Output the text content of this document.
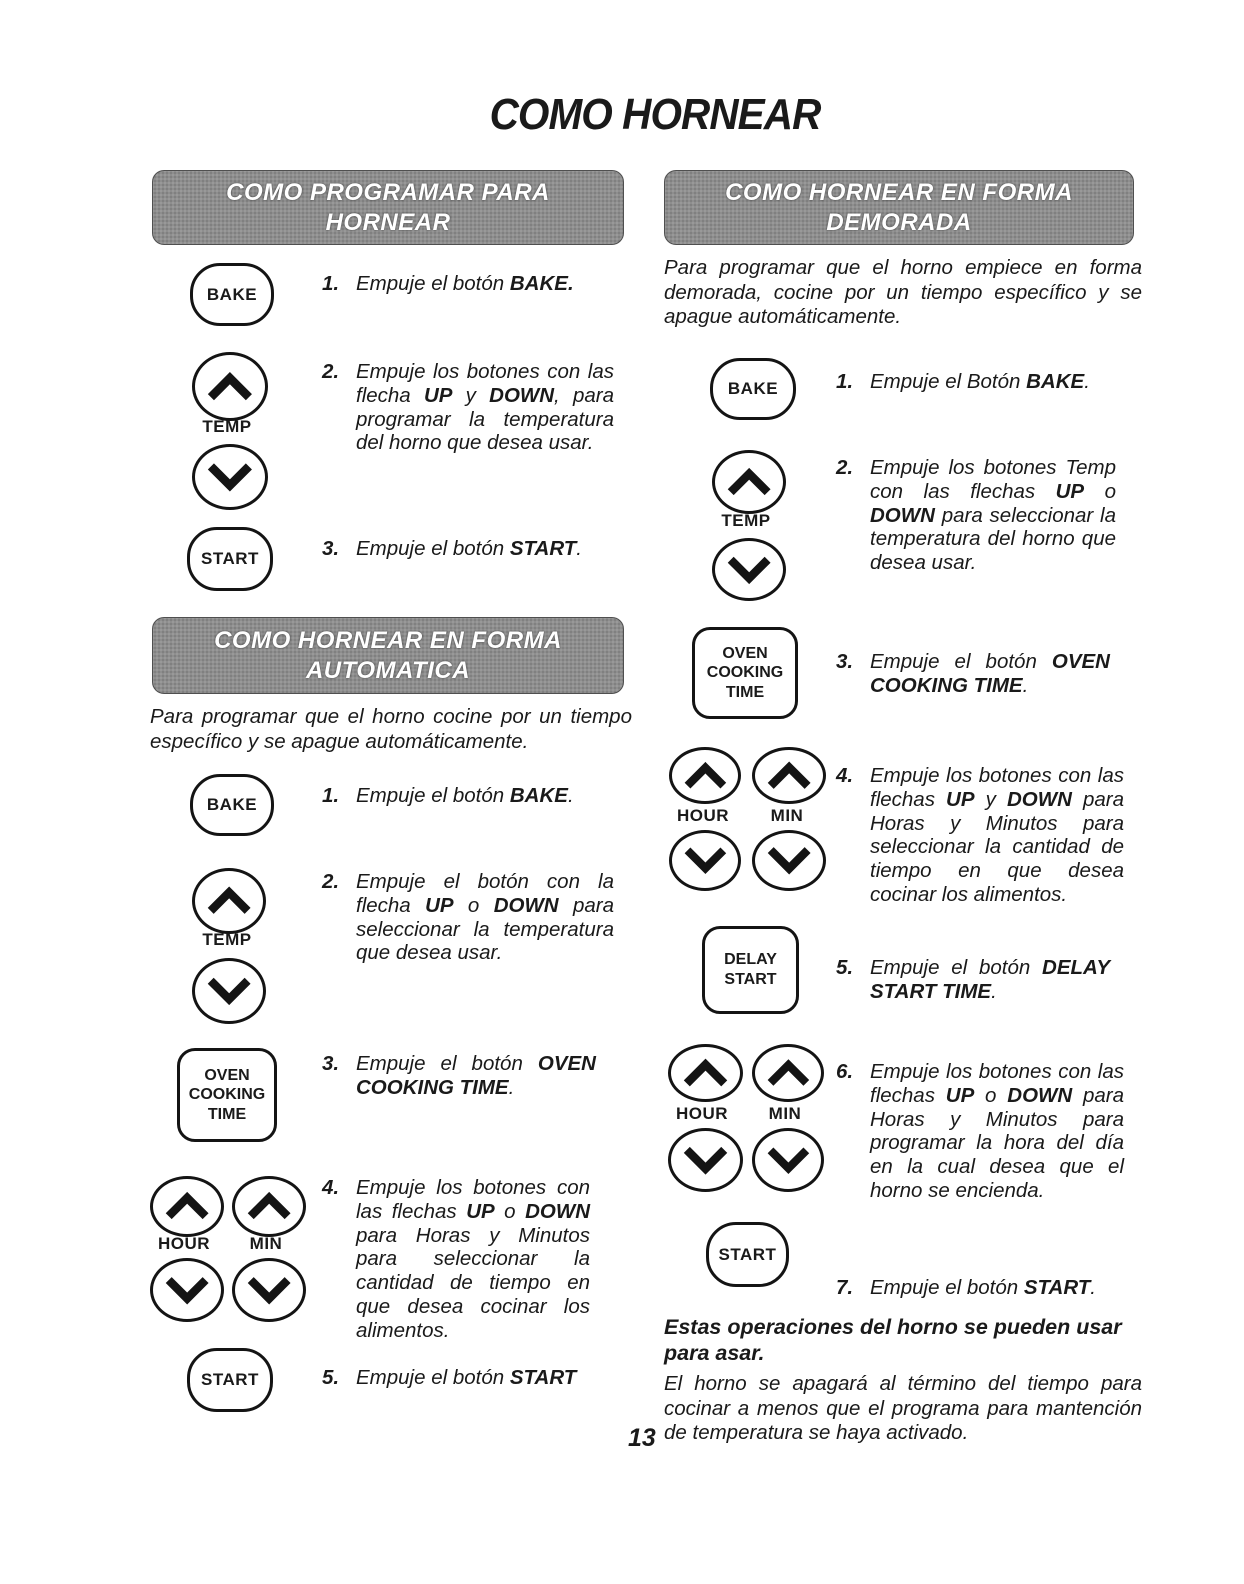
COMO HORNEAR
COMO PROGRAMAR PARA
HORNEAR
BAKE	1. Empuje el botón BAKE.
TEMP
2. Empuje los botones con las flecha UP y DOWN, para programar la temperatura del horno que desea usar.
START	3. Empuje el botón START.
COMO HORNEAR EN FORMA
AUTOMATICA
Para programar que el horno cocine por un tiempo específico y se apague automáticamente.
BAKE	1. Empuje el botón BAKE.
TEMP
2. Empuje el botón con la flecha UP o DOWN para seleccionar la temperatura que desea usar.
OVEN
COOKING
TIME
3. Empuje el botón OVEN COOKING TIME.
HOUR	MIN
4. Empuje los botones con las flechas UP o DOWN para Horas y Minutos para seleccionar la cantidad de tiempo en que desea cocinar los alimentos.
START	5. Empuje el botón START
COMO HORNEAR EN FORMA
DEMORADA
Para programar que el horno empiece en forma demorada, cocine por un tiempo específico y se apague automáticamente.
BAKE	1. Empuje el Botón BAKE.
TEMP
2. Empuje los botones Temp con las flechas UP o DOWN para seleccionar la temperatura del horno que desea usar.
OVEN
COOKING
TIME
3. Empuje el botón OVEN COOKING TIME.
HOUR	MIN
4. Empuje los botones con las flechas UP y DOWN para Horas y Minutos para seleccionar la cantidad de tiempo en que desea cocinar los alimentos.
DELAY
START
5. Empuje el botón DELAY START TIME.
HOUR	MIN
6. Empuje los botones con las flechas UP o DOWN para Horas y Minutos para programar la hora del día en la cual desea que el horno se encienda.
START
7. Empuje el botón START.
Estas operaciones del horno se pueden usar para asar.
El horno se apagará al término del tiempo para cocinar a menos que el programa para mantención de temperatura se haya activado.
13
